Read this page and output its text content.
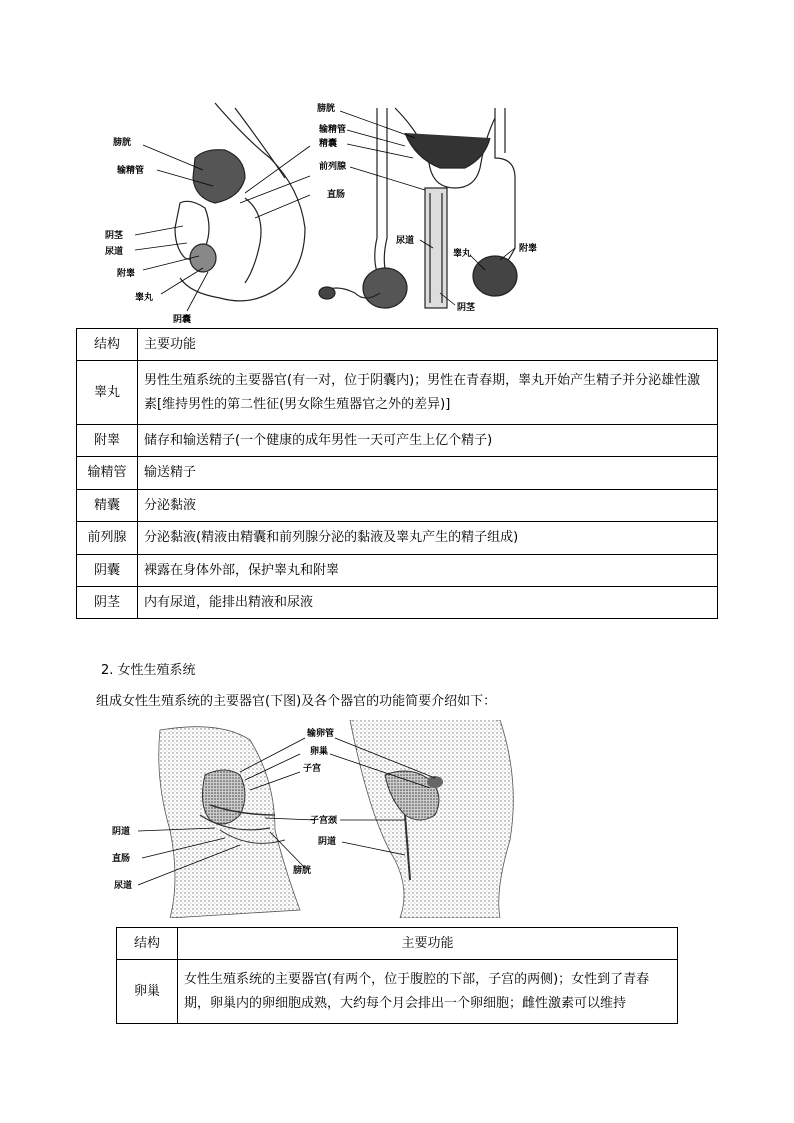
膀胱
输精管
阴茎
尿道
附睾
睾丸
阴囊
膀胱
输精管
精囊
前列腺
直肠
尿道
睾丸	附睾
阴茎
结构	主要功能
睾丸	男性生殖系统的主要器官(有一对，位于阴囊内)；男性在青春期，睾丸开始产生精子并分泌雄性激素[维持男性的第二性征(男女除生殖器官之外的差异)]
附睾	储存和输送精子(一个健康的成年男性一天可产生上亿个精子)
输精管	输送精子
精囊	分泌黏液
前列腺	分泌黏液(精液由精囊和前列腺分泌的黏液及睾丸产生的精子组成)
阴囊	裸露在身体外部，保护睾丸和附睾
阴茎	内有尿道，能排出精液和尿液
2. 女性生殖系统
组成女性生殖系统的主要器官(下图)及各个器官的功能简要介绍如下：
输卵管
卵巢
子宫
子宫颈
阴道
阴道
直肠
尿道
膀胱
结构	主要功能
卵巢	女性生殖系统的主要器官(有两个，位于腹腔的下部，子宫的两侧)；女性到了青春期，卵巢内的卵细胞成熟，大约每个月会排出一个卵细胞；雌性激素可以维持
